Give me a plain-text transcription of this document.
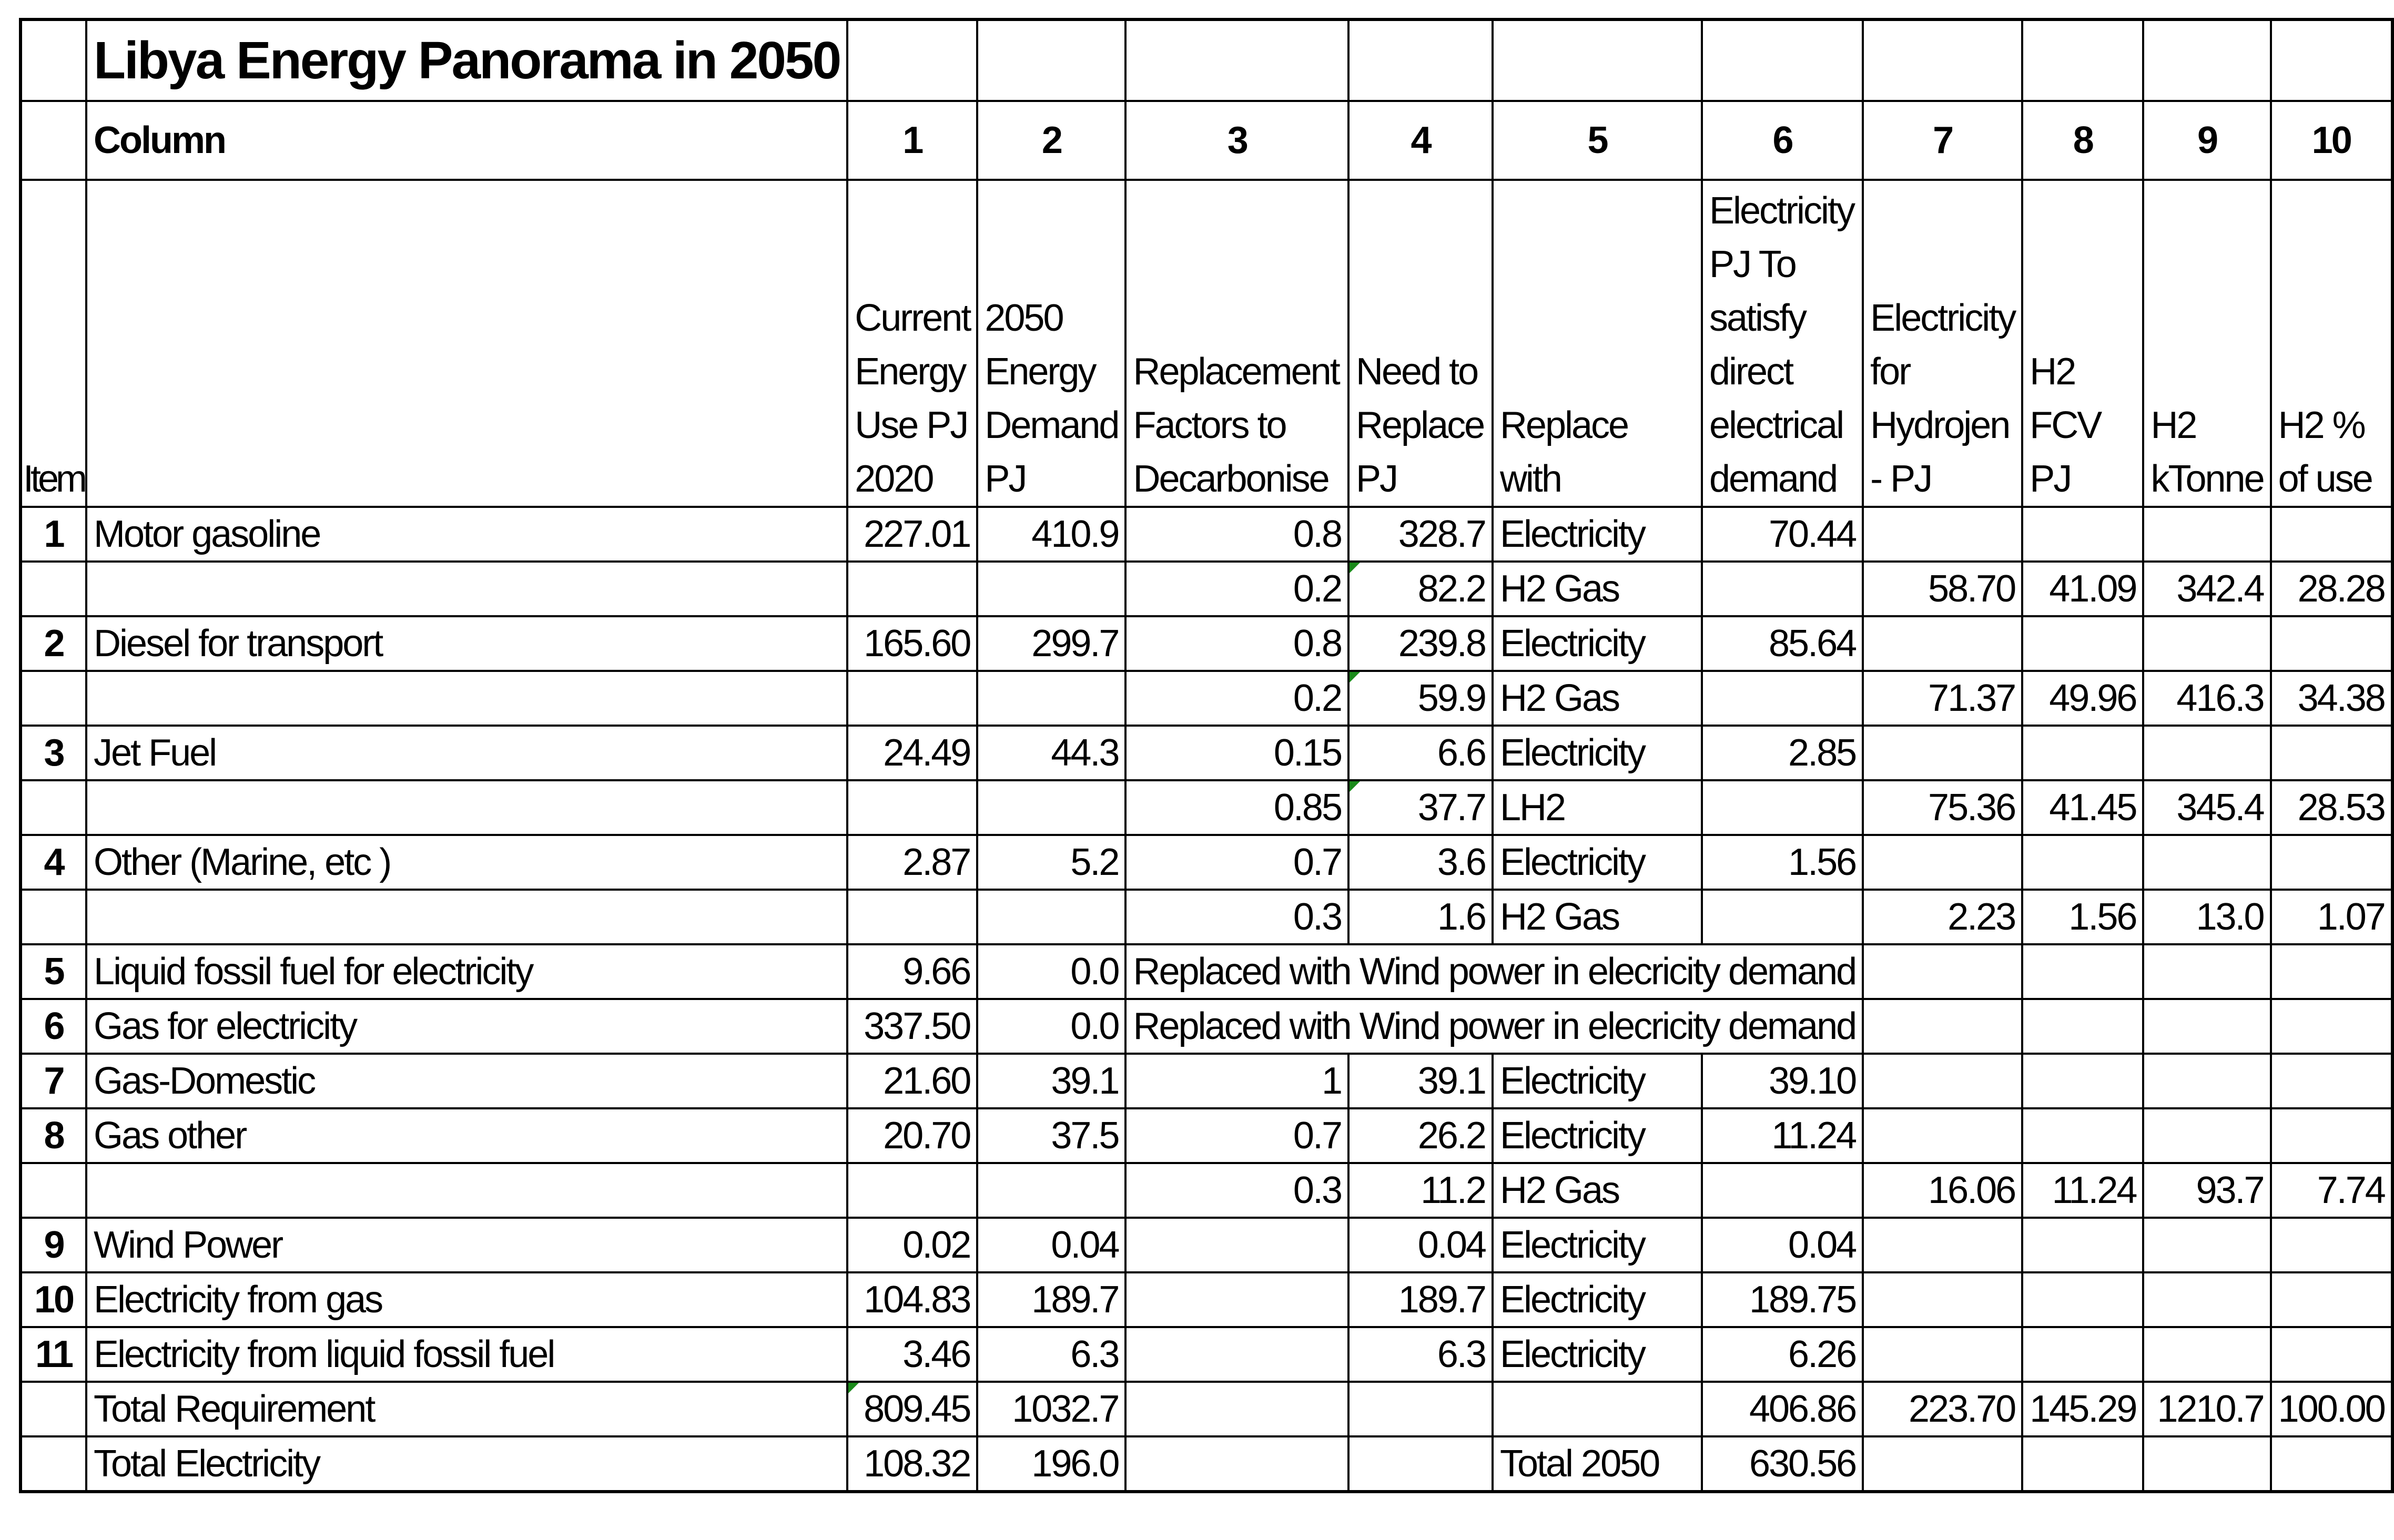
	Libya Energy Panorama in 2050										
	Column	1	2	3	4	5	6	7	8	9	10
Item		Current Energy Use PJ 2020	2050 Energy Demand PJ	Replacement Factors to Decarbonise	Need to Replace PJ	Replace with	Electricity PJ To satisfy direct electrical demand	Electricity for Hydrojen - PJ	H2 FCV PJ	H2 kTonne	H2 % of use
1	Motor gasoline	227.01	410.9	0.8	328.7	Electricity	70.44				
				0.2	82.2	H2 Gas		58.70	41.09	342.4	28.28
2	Diesel for transport	165.60	299.7	0.8	239.8	Electricity	85.64				
				0.2	59.9	H2 Gas		71.37	49.96	416.3	34.38
3	Jet Fuel	24.49	44.3	0.15	6.6	Electricity	2.85				
				0.85	37.7	LH2		75.36	41.45	345.4	28.53
4	Other (Marine, etc )	2.87	5.2	0.7	3.6	Electricity	1.56				
				0.3	1.6	H2 Gas		2.23	1.56	13.0	1.07
5	Liquid fossil fuel for electricity	9.66	0.0	Replaced with Wind power in elecricity demand							
6	Gas for electricity	337.50	0.0	Replaced with Wind power in elecricity demand							
7	Gas-Domestic	21.60	39.1	1	39.1	Electricity	39.10				
8	Gas other	20.70	37.5	0.7	26.2	Electricity	11.24				
				0.3	11.2	H2 Gas		16.06	11.24	93.7	7.74
9	Wind Power	0.02	0.04		0.04	Electricity	0.04				
10	Electricity from gas	104.83	189.7		189.7	Electricity	189.75				
11	Electricity from liquid fossil fuel	3.46	6.3		6.3	Electricity	6.26				
	Total Requirement	809.45	1032.7				406.86	223.70	145.29	1210.7	100.00
	Total Electricity	108.32	196.0			Total 2050	630.56				
